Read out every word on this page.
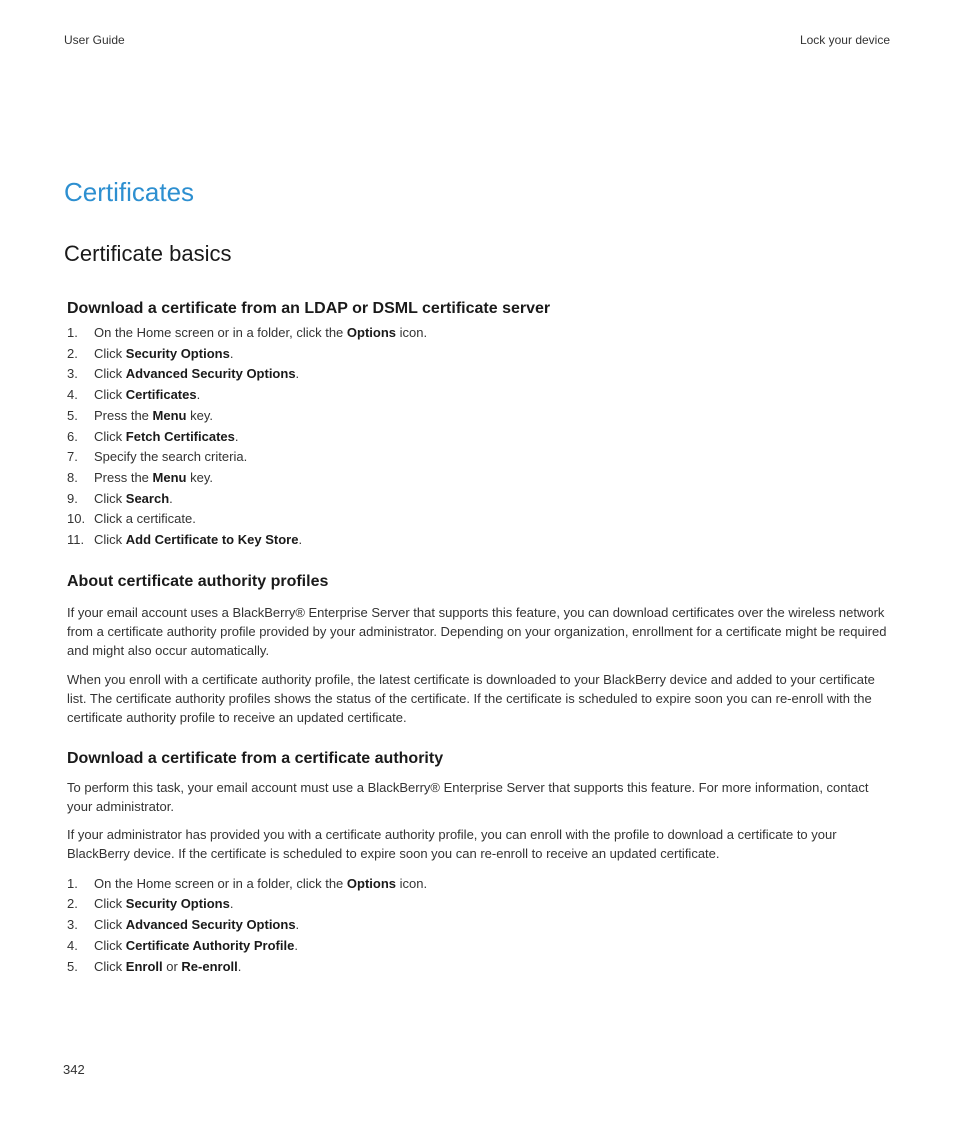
User Guide	Lock your device
Certificates
Certificate basics
Download a certificate from an LDAP or DSML certificate server
1.	On the Home screen or in a folder, click the Options icon.
2.	Click Security Options.
3.	Click Advanced Security Options.
4.	Click Certificates.
5.	Press the Menu key.
6.	Click Fetch Certificates.
7.	Specify the search criteria.
8.	Press the Menu key.
9.	Click Search.
10. Click a certificate.
11. Click Add Certificate to Key Store.
About certificate authority profiles

If your email account uses a BlackBerry® Enterprise Server that supports this feature, you can download certificates over the wireless network from a certificate authority profile provided by your administrator. Depending on your organization, enrollment for a certificate might be required and might also occur automatically.

When you enroll with a certificate authority profile, the latest certificate is downloaded to your BlackBerry device and added to your certificate list. The certificate authority profiles shows the status of the certificate. If the certificate is scheduled to expire soon you can re-enroll with the certificate authority profile to receive an updated certificate.

Download a certificate from a certificate authority

To perform this task, your email account must use a BlackBerry® Enterprise Server that supports this feature. For more information, contact your administrator.

If your administrator has provided you with a certificate authority profile, you can enroll with the profile to download a certificate to your BlackBerry device. If the certificate is scheduled to expire soon you can re-enroll to receive an updated certificate.

1.	On the Home screen or in a folder, click the Options icon.
2.	Click Security Options.
3.	Click Advanced Security Options.
4.	Click Certificate Authority Profile.
5.	Click Enroll or Re-enroll.
342
